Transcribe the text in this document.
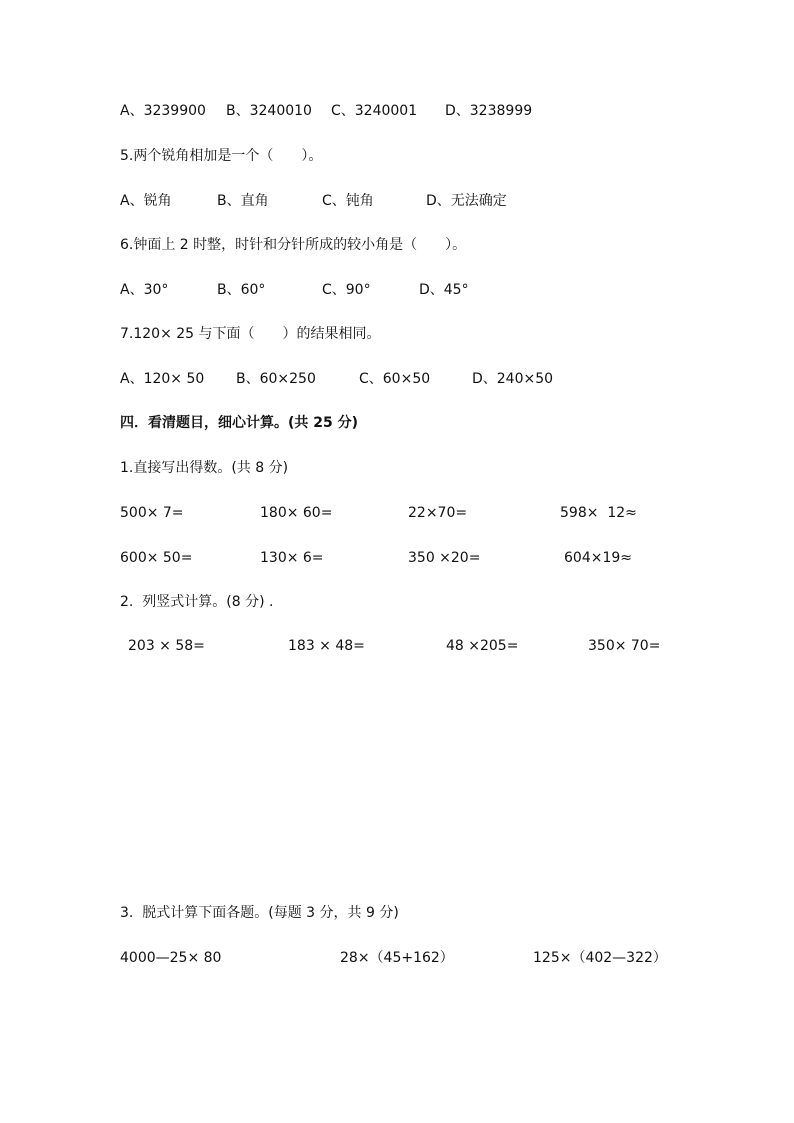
A、3239900 B、3240010 C、3240001 D、3238999
5.两个锐角相加是一个（　　）。
A、锐角	B、直角	C、钝角	D、无法确定
6.钟面上 2 时整，时针和分针所成的较小角是（　　）。
A、30°	B、60°	C、90°	D、45°
7.120× 25 与下面（　　）的结果相同。
A、120× 50 B、60×250	C、60×50	D、240×50
四．看清题目，细心计算。(共 25 分)
1.直接写出得数。(共 8 分)
500× 7=	180× 60=	22×70=	598×  12≈
600× 50=	130× 6=	350 ×20=	604×19≈
2.  列竖式计算。(8 分) .
203 × 58=	183 × 48=	48 ×205=	350× 70=
3.  脱式计算下面各题。(每题 3 分，共 9 分)
4000—25× 80	28×（45+162）	125×（402—322）
